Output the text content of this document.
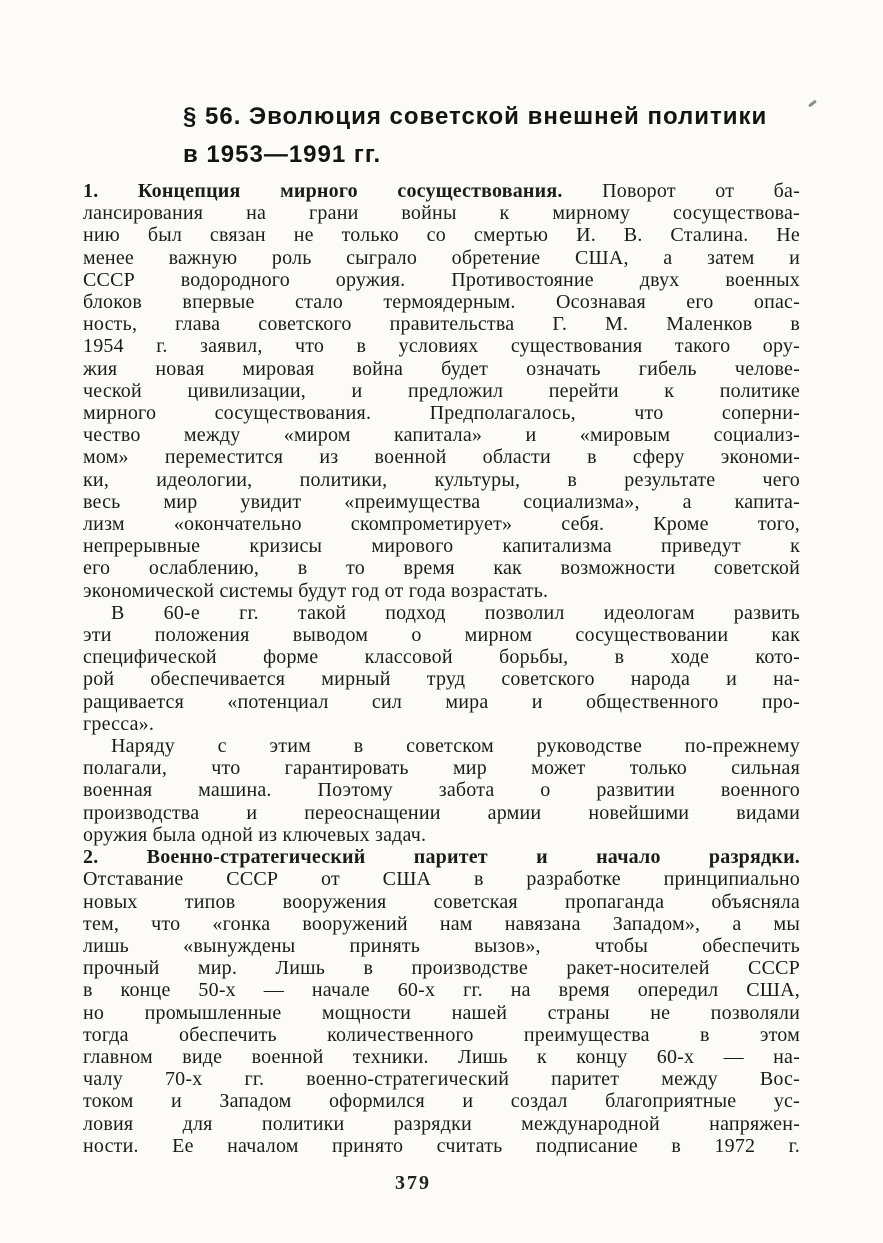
§ 56. Эволюция советской внешней политики
в 1953—1991 гг.
1. Концепция мирного сосуществования. Поворот от ба-
лансирования на грани войны к мирному сосуществова-
нию был связан не только со смертью И. В. Сталина. Не
менее важную роль сыграло обретение США, а затем и
СССР водородного оружия. Противостояние двух военных
блоков впервые стало термоядерным. Осознавая его опас-
ность, глава советского правительства Г. М. Маленков в
1954 г. заявил, что в условиях существования такого ору-
жия новая мировая война будет означать гибель челове-
ческой цивилизации, и предложил перейти к политике
мирного сосуществования. Предполагалось, что соперни-
чество между «миром капитала» и «мировым социализ-
мом» переместится из военной области в сферу экономи-
ки, идеологии, политики, культуры, в результате чего
весь мир увидит «преимущества социализма», а капита-
лизм «окончательно скомпрометирует» себя. Кроме того,
непрерывные кризисы мирового капитализма приведут к
его ослаблению, в то время как возможности советской
экономической системы будут год от года возрастать.
В 60-е гг. такой подход позволил идеологам развить
эти положения выводом о мирном сосуществовании как
специфической форме классовой борьбы, в ходе кото-
рой обеспечивается мирный труд советского народа и на-
ращивается «потенциал сил мира и общественного про-
гресса».
Наряду с этим в советском руководстве по-прежнему
полагали, что гарантировать мир может только сильная
военная машина. Поэтому забота о развитии военного
производства и переоснащении армии новейшими видами
оружия была одной из ключевых задач.
2. Военно-стратегический паритет и начало разрядки.
Отставание СССР от США в разработке принципиально
новых типов вооружения советская пропаганда объясняла
тем, что «гонка вооружений нам навязана Западом», а мы
лишь «вынуждены принять вызов», чтобы обеспечить
прочный мир. Лишь в производстве ракет-носителей СССР
в конце 50-х — начале 60-х гг. на время опередил США,
но промышленные мощности нашей страны не позволяли
тогда обеспечить количественного преимущества в этом
главном виде военной техники. Лишь к концу 60-х — на-
чалу 70-х гг. военно-стратегический паритет между Вос-
током и Западом оформился и создал благоприятные ус-
ловия для политики разрядки международной напряжен-
ности. Ее началом принято считать подписание в 1972 г.
379
